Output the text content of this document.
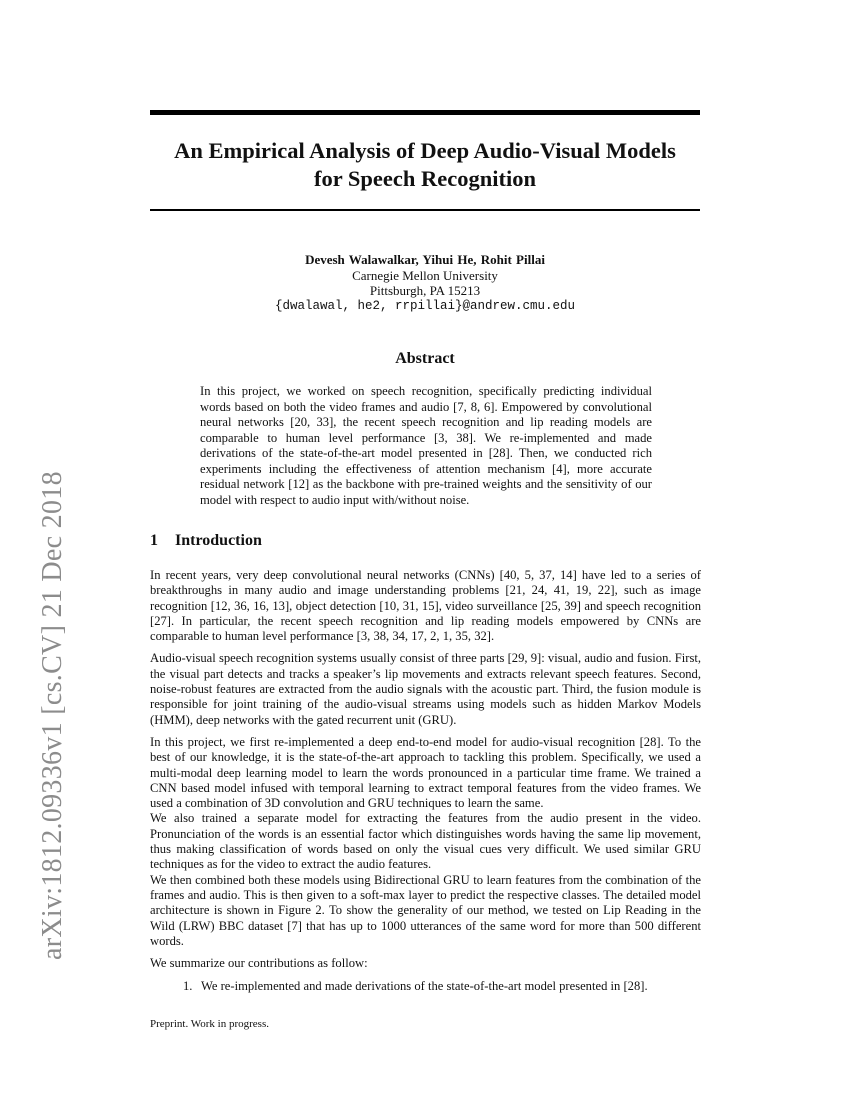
arXiv:1812.09336v1 [cs.CV] 21 Dec 2018
An Empirical Analysis of Deep Audio-Visual Models
for Speech Recognition
Devesh Walawalkar, Yihui He, Rohit Pillai
Carnegie Mellon University
Pittsburgh, PA 15213
{dwalawal, he2, rrpillai}@andrew.cmu.edu
Abstract

In this project, we worked on speech recognition, specifically predicting individual words based on both the video frames and audio [7, 8, 6]. Empowered by convolutional neural networks [20, 33], the recent speech recognition and lip reading models are comparable to human level performance [3, 38]. We re-implemented and made derivations of the state-of-the-art model presented in [28]. Then, we conducted rich experiments including the effectiveness of attention mechanism [4], more accurate residual network [12] as the backbone with pre-trained weights and the sensitivity of our model with respect to audio input with/without noise.

1 Introduction

In recent years, very deep convolutional neural networks (CNNs) [40, 5, 37, 14] have led to a series of breakthroughs in many audio and image understanding problems [21, 24, 41, 19, 22], such as image recognition [12, 36, 16, 13], object detection [10, 31, 15], video surveillance [25, 39] and speech recognition [27]. In particular, the recent speech recognition and lip reading models empowered by CNNs are comparable to human level performance [3, 38, 34, 17, 2, 1, 35, 32].

Audio-visual speech recognition systems usually consist of three parts [29, 9]: visual, audio and fusion. First, the visual part detects and tracks a speaker’s lip movements and extracts relevant speech features. Second, noise-robust features are extracted from the audio signals with the acoustic part. Third, the fusion module is responsible for joint training of the audio-visual streams using models such as hidden Markov Models (HMM), deep networks with the gated recurrent unit (GRU).

In this project, we first re-implemented a deep end-to-end model for audio-visual recognition [28]. To the best of our knowledge, it is the state-of-the-art approach to tackling this problem. Specifically, we used a multi-modal deep learning model to learn the words pronounced in a particular time frame. We trained a CNN based model infused with temporal learning to extract temporal features from the video frames. We used a combination of 3D convolution and GRU techniques to learn the same.

We also trained a separate model for extracting the features from the audio present in the video. Pronunciation of the words is an essential factor which distinguishes words having the same lip movement, thus making classification of words based on only the visual cues very difficult. We used similar GRU techniques as for the video to extract the audio features.

We then combined both these models using Bidirectional GRU to learn features from the combination of the frames and audio. This is then given to a soft-max layer to predict the respective classes. The detailed model architecture is shown in Figure 2. To show the generality of our method, we tested on Lip Reading in the Wild (LRW) BBC dataset [7] that has up to 1000 utterances of the same word for more than 500 different words.

We summarize our contributions as follow:

1. We re-implemented and made derivations of the state-of-the-art model presented in [28].

Preprint. Work in progress.
